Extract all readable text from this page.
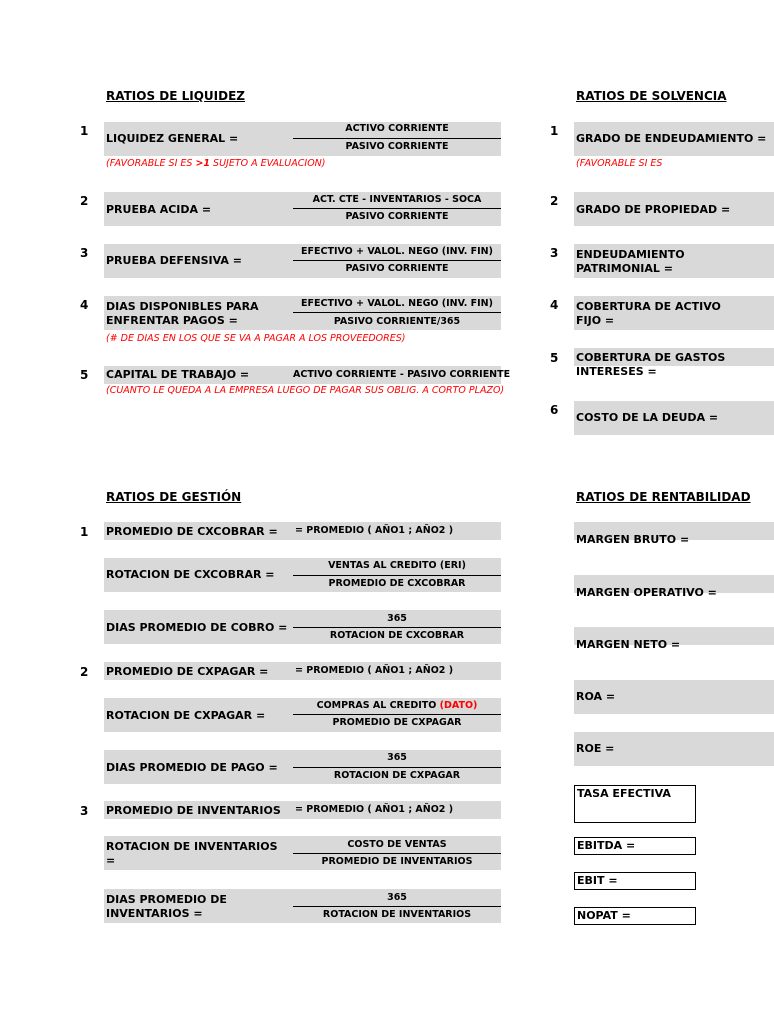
RATIOS DE LIQUIDEZ
1
LIQUIDEZ GENERAL =
ACTIVO CORRIENTE
PASIVO CORRIENTE
(FAVORABLE SI ES >1 SUJETO A EVALUACION)
2
PRUEBA ACIDA =
ACT. CTE - INVENTARIOS - SOCA
PASIVO CORRIENTE
3
PRUEBA DEFENSIVA =
EFECTIVO + VALOL. NEGO (INV. FIN)
PASIVO CORRIENTE
4 DIAS DISPONIBLES PARA
ENFRENTAR PAGOS =
EFECTIVO + VALOL. NEGO (INV. FIN)
PASIVO CORRIENTE/365
(# DE DIAS EN LOS QUE SE VA A PAGAR A LOS PROVEEDORES)
5 CAPITAL DE TRABAJO =	ACTIVO CORRIENTE - PASIVO CORRIENTE
(CUANTO LE QUEDA A LA EMPRESA LUEGO DE PAGAR SUS OBLIG. A CORTO PLAZO)
RATIOS DE SOLVENCIA
1
GRADO DE ENDEUDAMIENTO =
(FAVORABLE SI ES
2
GRADO DE PROPIEDAD =
3 ENDEUDAMIENTO
PATRIMONIAL =
4 COBERTURA DE ACTIVO
FIJO =
5 COBERTURA DE GASTOS
INTERESES =
6
COSTO DE LA DEUDA =
RATIOS DE GESTIÓN
1 PROMEDIO DE CXCOBRAR = = PROMEDIO ( AÑO1 ; AÑO2 )
ROTACION DE CXCOBRAR =
VENTAS AL CREDITO (ERI)
PROMEDIO DE CXCOBRAR
DIAS PROMEDIO DE COBRO =
365
ROTACION DE CXCOBRAR
2 PROMEDIO DE CXPAGAR =	= PROMEDIO ( AÑO1 ; AÑO2 )
ROTACION DE CXPAGAR =
COMPRAS AL CREDITO (DATO)
PROMEDIO DE CXPAGAR
DIAS PROMEDIO DE PAGO =
365
ROTACION DE CXPAGAR
3 PROMEDIO DE INVENTARIOS = PROMEDIO ( AÑO1 ; AÑO2 )
ROTACION DE INVENTARIOS
=
COSTO DE VENTAS
PROMEDIO DE INVENTARIOS
DIAS PROMEDIO DE
INVENTARIOS =
365
ROTACION DE INVENTARIOS
RATIOS DE RENTABILIDAD
MARGEN BRUTO =
MARGEN OPERATIVO =
MARGEN NETO =
ROA =
ROE =
TASA EFECTIVA
EBITDA =
EBIT =
NOPAT =
